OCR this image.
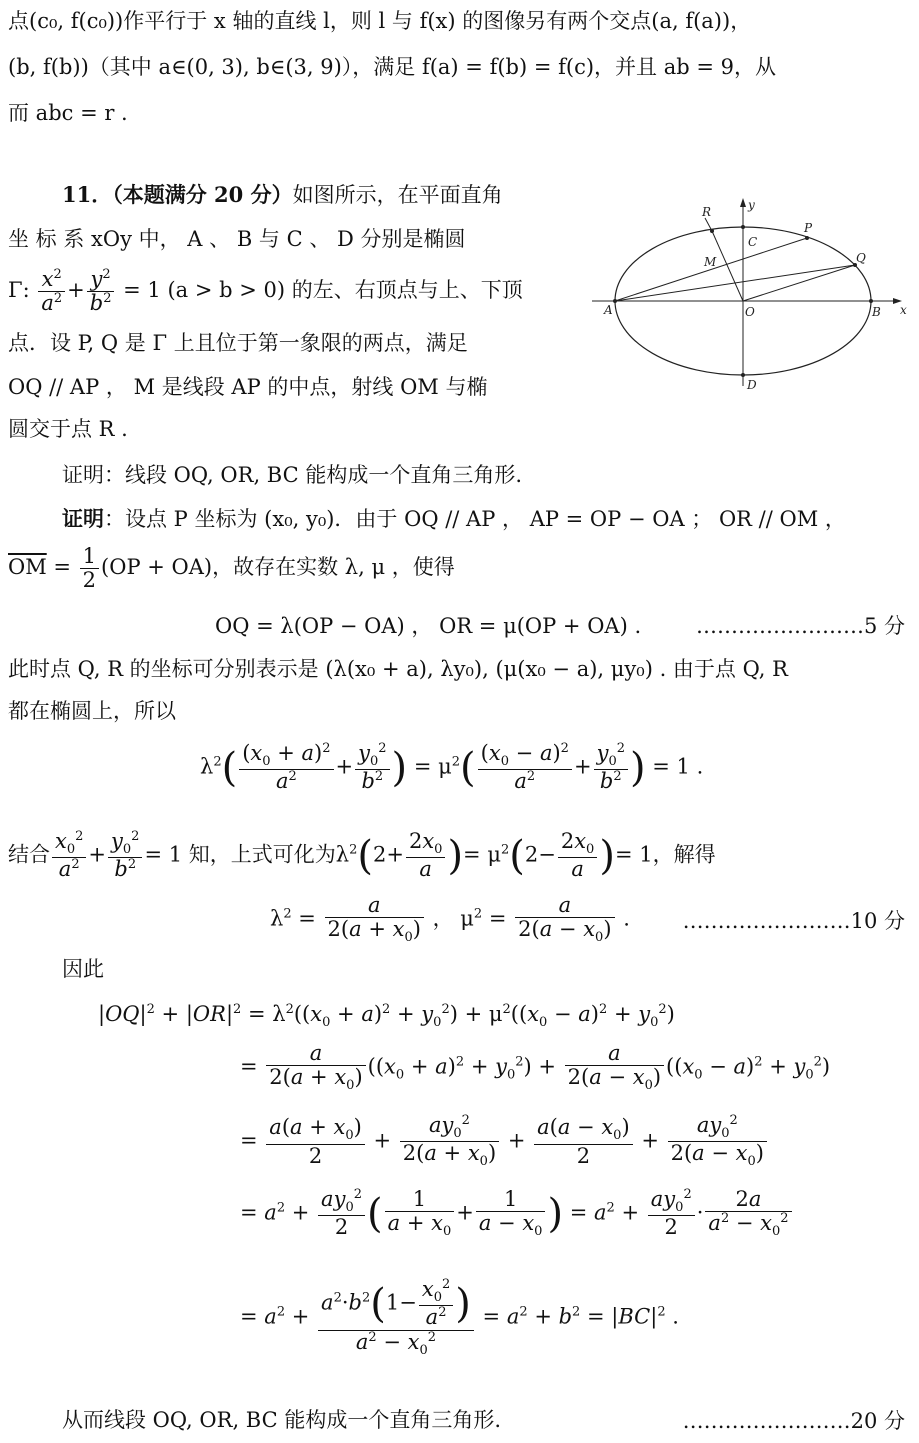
点(c₀, f(c₀))作平行于 x 轴的直线 l，则 l 与 f(x) 的图像另有两个交点(a, f(a))，
(b, f(b))（其中 a∈(0, 3), b∈(3, 9)），满足 f(a) = f(b) = f(c)，并且 ab = 9，从
而 abc = r .
11．（本题满分 20 分）如图所示，在平面直角
坐 标 系 xOy 中， A 、 B 与 C 、 D 分别是椭圆
Γ: $\frac{x^2}{a^2} + \frac{y^2}{b^2} = 1$ (a > b > 0) 的左、右顶点与上、下顶
点．设 P, Q 是 Γ 上且位于第一象限的两点，满足
OQ // AP ， M 是线段 AP 的中点，射线 OM 与椭
圆交于点 R .
y
x
R
P
C
M	Q
A	O	B
D
证明：线段 OQ, OR, BC 能构成一个直角三角形.
证明：设点 P 坐标为 (x₀, y₀)．由于 OQ // AP ， AP = OP − OA ； OR // OM ，
$\overline{OM} = \frac{1}{2} (OP + OA)$，故存在实数 λ, μ ，使得
OQ = λ(OP − OA) ， OR = μ(OP + OA) .	……………………5 分
此时点 Q, R 的坐标可分别表示是 (λ(x₀ + a), λy₀), (μ(x₀ − a), μy₀) . 由于点 Q, R
都在椭圆上，所以
$\lambda^2( \frac{(x_0 + a)^2}{a^2} + \frac{y_0^2}{b^2}$ ) = $\mu^2( \frac{(x_0 - a)^2}{a^2} + \frac{y_0^2}{b^2}$ ) = 1 .
结合 $\frac{x_0^2}{a^2} + \frac{y_0^2}{b^2} = 1$ 知，上式可化为$\lambda^2(2+ \frac{2x_0}{a}$ )= $\mu^2(2- \frac{2x_0}{a}$ )= 1，解得
$\lambda^2 = \frac{a}{2(a + x_0)}$ ， $\mu^2 = \frac{a}{2(a - x_0)}$ .	……………………10 分
因此
$|OQ|^2 + |OR|^2 = \lambda^2((x_0 + a)^2 + y_0^2) + \mu^2((x_0 - a)^2 + y_0^2)$
= $\frac{a}{2(a + x_0)} ((x_0 + a)^2 + y_0^2) + \frac{a}{2(a - x_0)} ((x_0 - a)^2 + y_0^2)$
= $\frac{a(a + x_0)}{2} + \frac{ay_0^2}{2(a + x_0)} + \frac{a(a - x_0)}{2} + \frac{ay_0^2}{2(a - x_0)}$
= $a^2 + \frac{ay_0^2}{2}$ ( $\frac{1}{a + x_0} + \frac{1}{a - x_0}$ ) = $a^2 + \frac{ay_0^2}{2} \cdot \frac{2a}{a^2 - x_0^2}$
= $a^2 + \frac{a^2\cdot b^2(1- \frac{x_0^2}{a^2} )}{a^2 - x_0^2} = a^2 + b^2 = |BC|^2$ .
从而线段 OQ, OR, BC 能构成一个直角三角形.	……………………20 分
